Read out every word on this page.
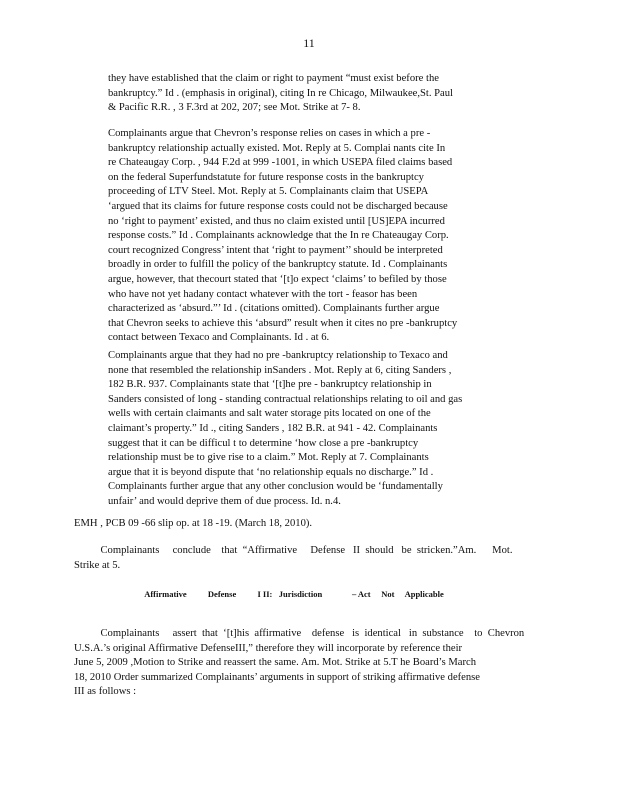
11
they have established that the claim or right to payment “must exist before the
bankruptcy.” Id . (emphasis in original), citing In re Chicago, Milwaukee,St. Paul
& Pacific R.R. , 3 F.3rd at 202, 207; see Mot. Strike at 7- 8.
Complainants argue that Chevron’s response relies on cases in which a pre -
bankruptcy relationship actually existed. Mot. Reply at 5. Complai nants cite In
re Chateaugay Corp. , 944 F.2d at 999 -1001, in which USEPA filed claims based
on the federal Superfundstatute for future response costs in the bankruptcy
proceeding of LTV Steel. Mot. Reply at 5. Complainants claim that USEPA
‘argued that its claims for future response costs could not be discharged because
no ‘right to payment’ existed, and thus no claim existed until [US]EPA incurred
response costs.” Id . Complainants acknowledge that the In re Chateaugay Corp.
court recognized Congress’ intent that ‘right to payment’’ should be interpreted
broadly in order to fulfill the policy of the bankruptcy statute. Id . Complainants
argue, however, that thecourt stated that ‘[t]o expect ‘claims’ to befiled by those
who have not yet hadany contact whatever with the tort - feasor has been
characterized as ‘absurd.”’ Id . (citations omitted). Complainants further argue
that Chevron seeks to achieve this ‘absurd” result when it cites no pre -bankruptcy
contact between Texaco and Complainants. Id . at 6.
Complainants argue that they had no pre -bankruptcy relationship to Texaco and
none that resembled the relationship inSanders . Mot. Reply at 6, citing Sanders ,
182 B.R. 937. Complainants state that ‘[t]he pre - bankruptcy relationship in
Sanders consisted of long - standing contractual relationships relating to oil and gas
wells with certain claimants and salt water storage pits located on one of the
claimant’s property.” Id ., citing Sanders , 182 B.R. at 941 - 42. Complainants
suggest that it can be difficul t to determine ‘how close a pre -bankruptcy
relationship must be to give rise to a claim.” Mot. Reply at 7. Complainants
argue that it is beyond dispute that ‘no relationship equals no discharge.” Id .
Complainants further argue that any other conclusion would be ‘fundamentally
unfair’ and would deprive them of due process. Id. n.4.
EMH , PCB 09 -66 slip op. at 18 -19. (March 18, 2010).
Complainants     conclude    that  “Affirmative     Defense   II  should   be  stricken.”Am.      Mot.
Strike at 5.
Affirmative          Defense          I II:   Jurisdiction              – Act     Not     Applicable
Complainants     assert  that  ‘[t]his  affirmative    defense   is  identical   in  substance    to  Chevron
U.S.A.’s original Affirmative DefenseIII,” therefore they will incorporate by reference their
June 5, 2009 ,Motion to Strike and reassert the same. Am. Mot. Strike at 5.T he Board’s March
18, 2010 Order summarized Complainants’ arguments in support of striking affirmative defense
III as follows :
